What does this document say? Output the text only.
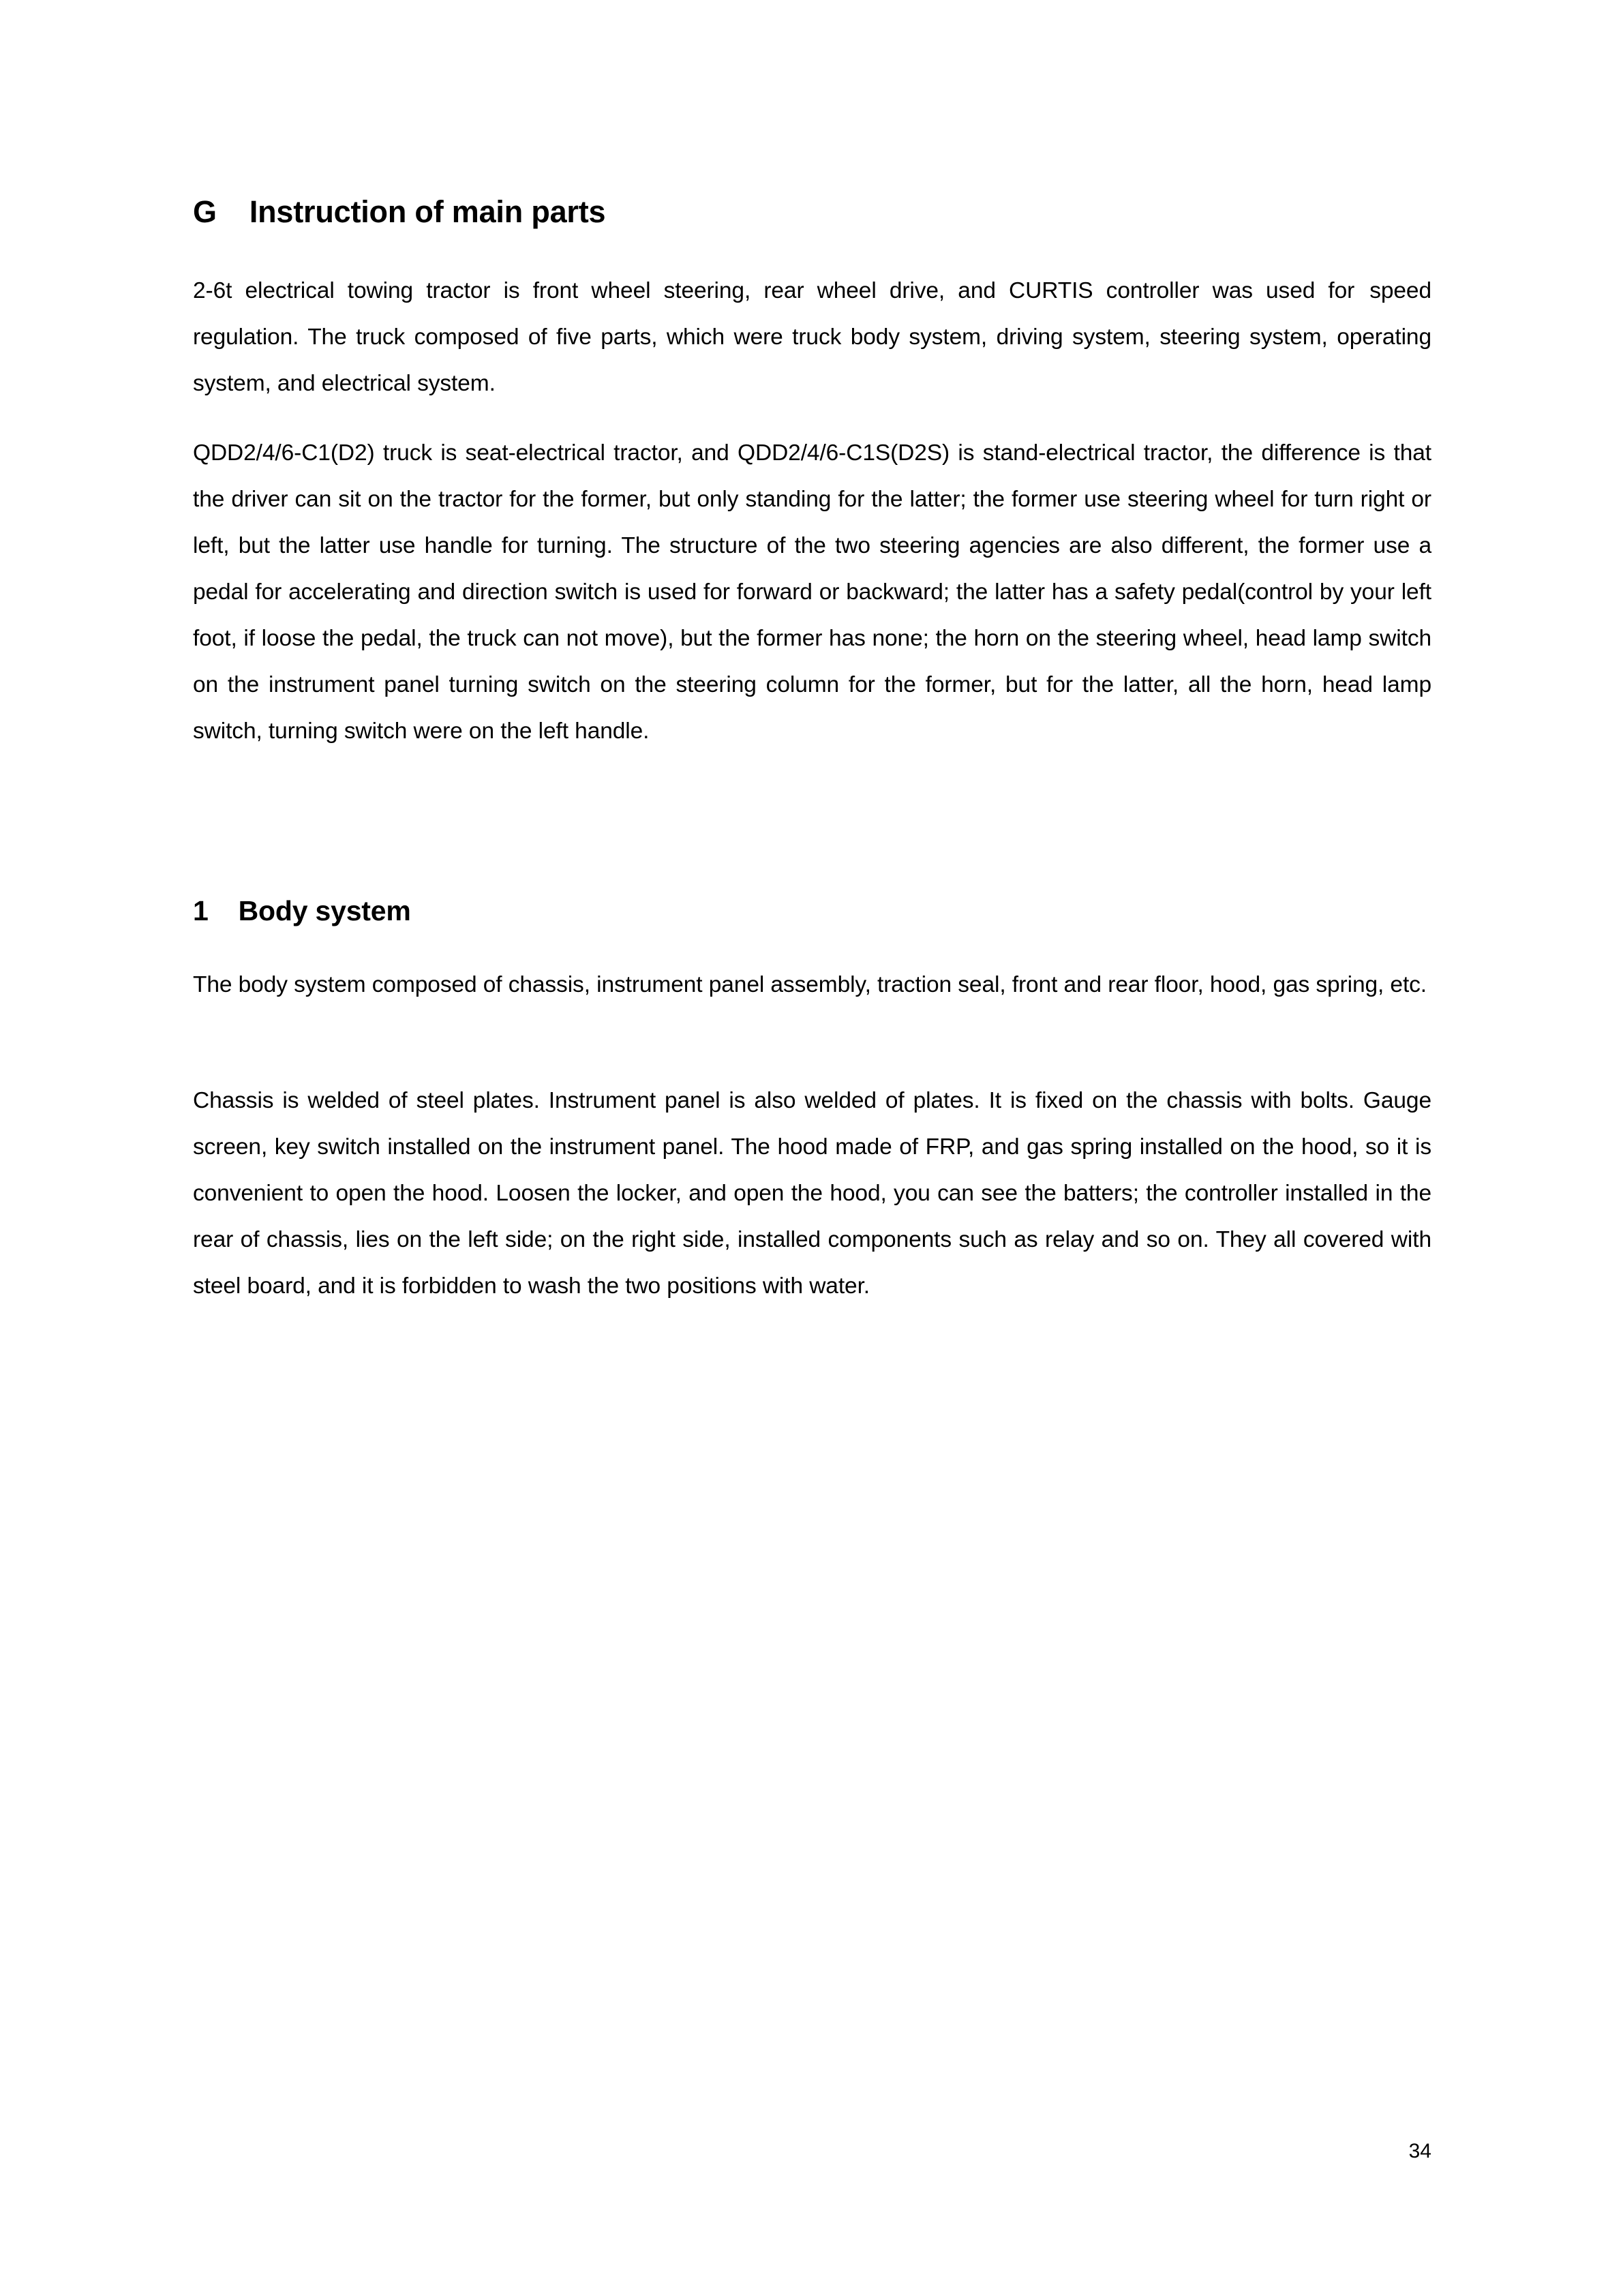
G Instruction of main parts

2-6t electrical towing tractor is front wheel steering, rear wheel drive, and CURTIS controller was used for speed regulation. The truck composed of five parts, which were truck body system, driving system, steering system, operating system, and electrical system.

QDD2/4/6-C1(D2) truck is seat-electrical tractor, and QDD2/4/6-C1S(D2S) is stand-electrical tractor, the difference is that the driver can sit on the tractor for the former, but only standing for the latter; the former use steering wheel for turn right or left, but the latter use handle for turning. The structure of the two steering agencies are also different, the former use a pedal for accelerating and direction switch is used for forward or backward; the latter has a safety pedal(control by your left foot, if loose the pedal, the truck can not move), but the former has none; the horn on the steering wheel, head lamp switch on the instrument panel turning switch on the steering column for the former, but for the latter, all the horn, head lamp switch, turning switch were on the left handle.

1 Body system

The body system composed of chassis, instrument panel assembly, traction seal, front and rear floor, hood, gas spring, etc.

Chassis is welded of steel plates. Instrument panel is also welded of plates. It is fixed on the chassis with bolts. Gauge screen, key switch installed on the instrument panel. The hood made of FRP, and gas spring installed on the hood, so it is convenient to open the hood. Loosen the locker, and open the hood, you can see the batters; the controller installed in the rear of chassis, lies on the left side; on the right side, installed components such as relay and so on. They all covered with steel board, and it is forbidden to wash the two positions with water.

34
